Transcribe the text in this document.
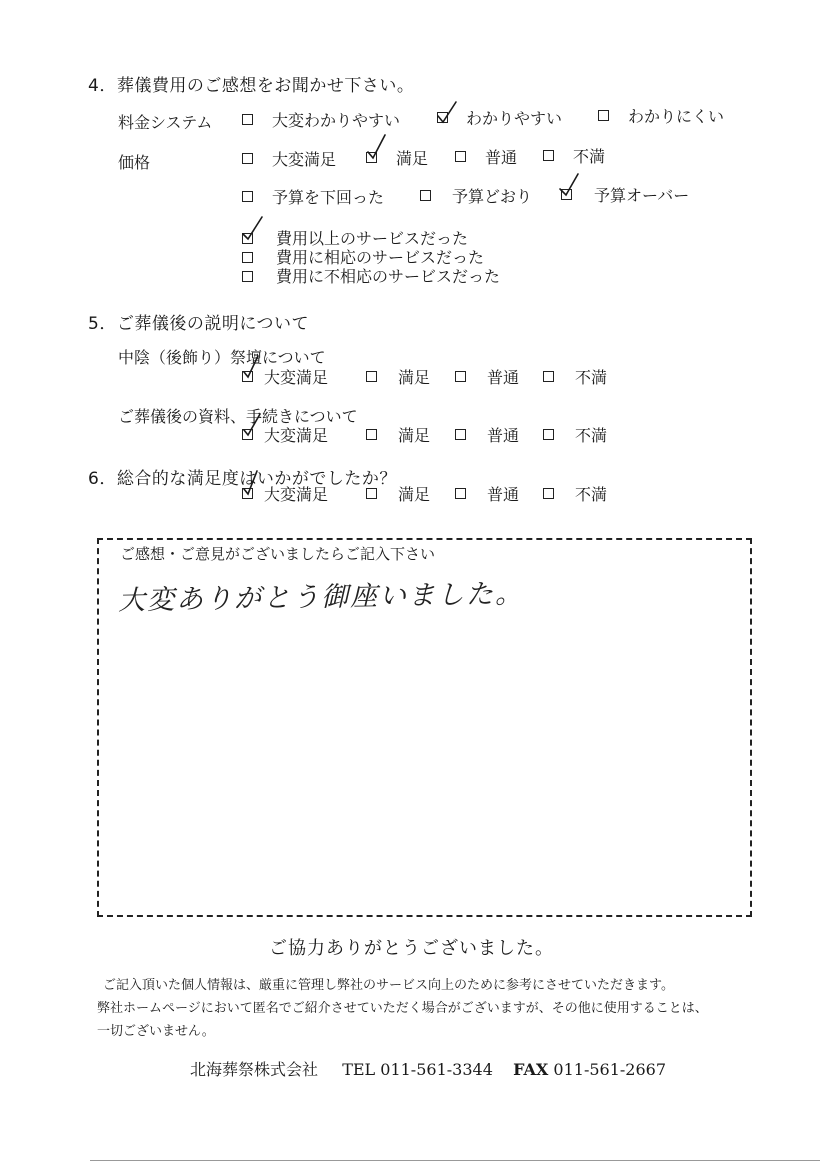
4．葬儀費用のご感想をお聞かせ下さい。
料金システム	大変わかりやすい	わかりやすい	わかりにくい
価格	大変満足	満足	普通	不満
予算を下回った	予算どおり	予算オーバー
費用以上のサービスだった
費用に相応のサービスだった
費用に不相応のサービスだった
5．ご葬儀後の説明について
中陰（後飾り）祭壇について
大変満足	満足	普通	不満
ご葬儀後の資料、手続きについて
大変満足	満足	普通	不満
6．総合的な満足度はいかがでしたか？
大変満足	満足	普通	不満
ご感想・ご意見がございましたらご記入下さい
大変ありがとう御座いました。
ご協力ありがとうございました。
ご記入頂いた個人情報は、厳重に管理し弊社のサービス向上のために参考にさせていただきます。
弊社ホームページにおいて匿名でご紹介させていただく場合がございますが、その他に使用することは、
一切ございません。
北海葬祭株式会社 TEL 011-561-3344 FAX 011-561-2667
